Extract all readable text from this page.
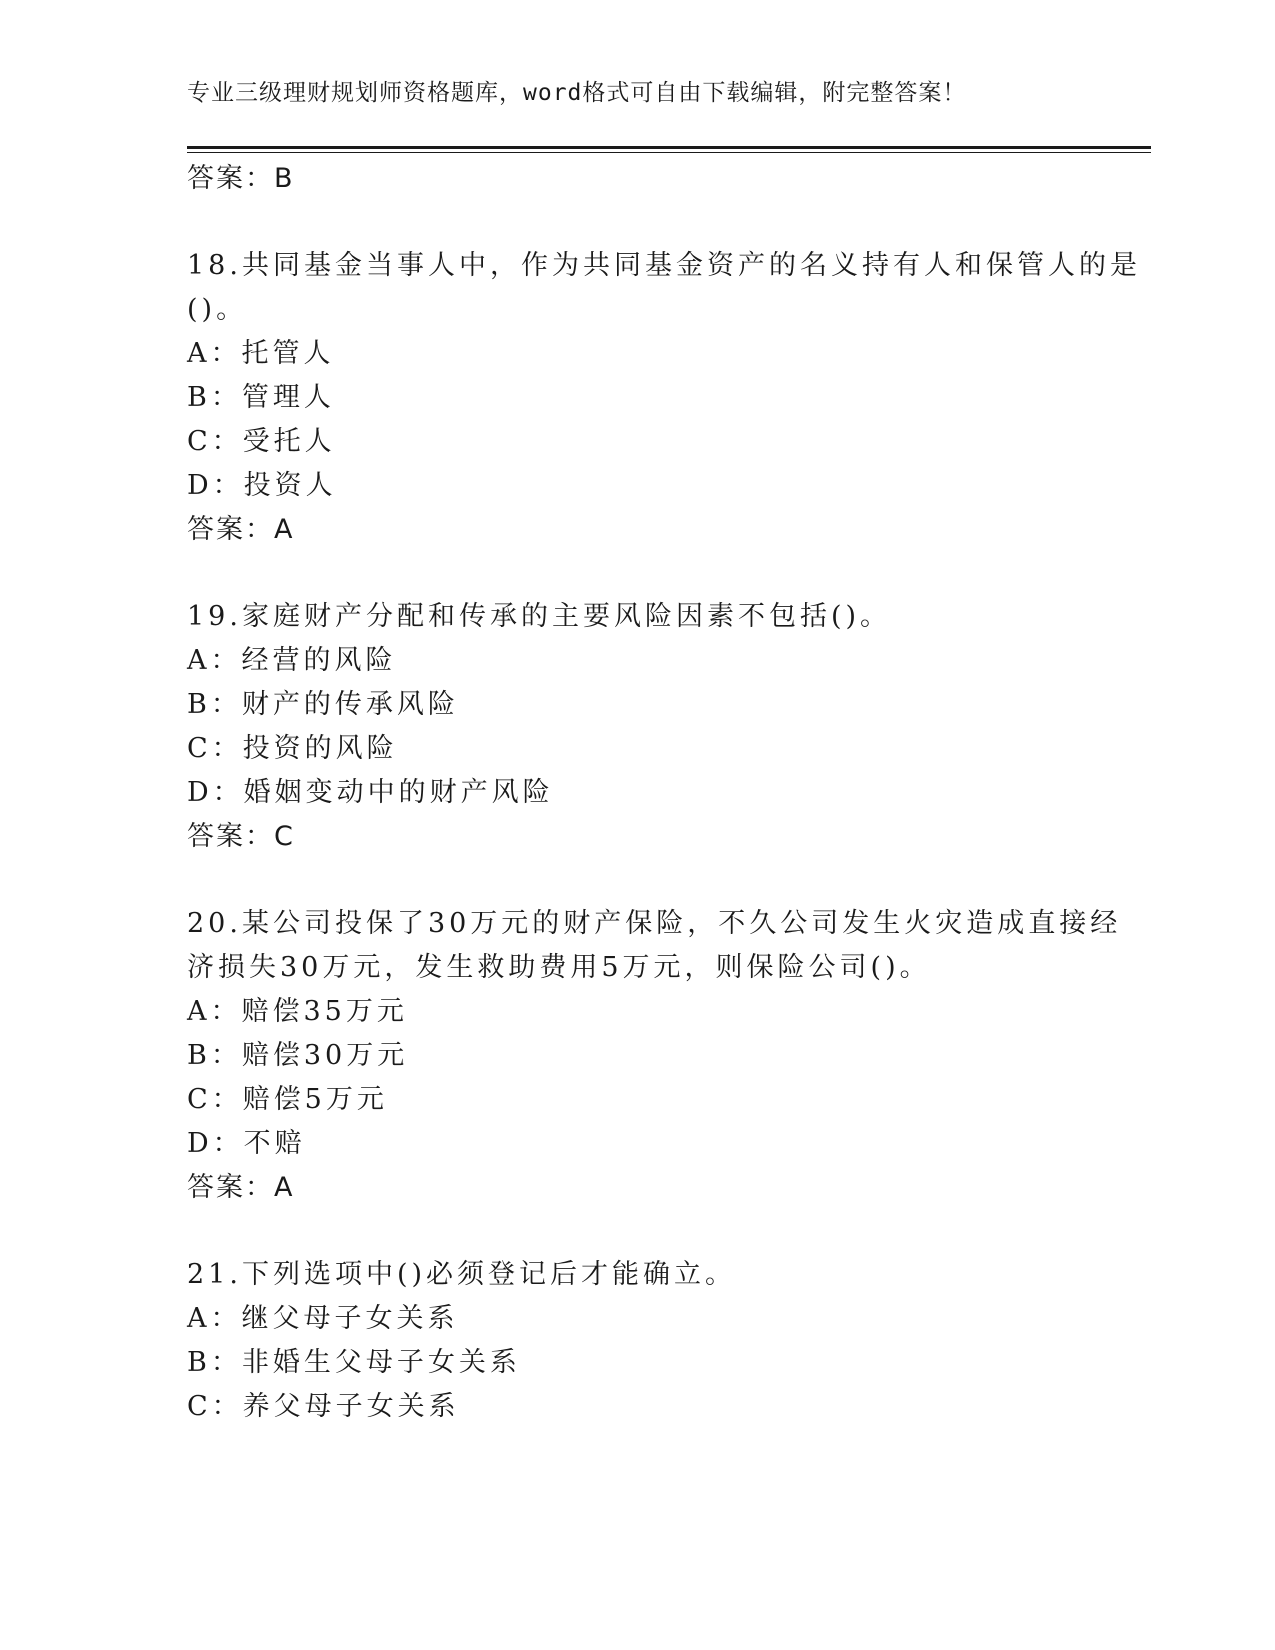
专业三级理财规划师资格题库，word格式可自由下载编辑，附完整答案！
答案：B
18.共同基金当事人中，作为共同基金资产的名义持有人和保管人的是
()。
A：托管人
B：管理人
C：受托人
D：投资人
答案：A
19.家庭财产分配和传承的主要风险因素不包括()。
A：经营的风险
B：财产的传承风险
C：投资的风险
D：婚姻变动中的财产风险
答案：C
20.某公司投保了30万元的财产保险，不久公司发生火灾造成直接经
济损失30万元，发生救助费用5万元，则保险公司()。
A：赔偿35万元
B：赔偿30万元
C：赔偿5万元
D：不赔
答案：A
21.下列选项中()必须登记后才能确立。
A：继父母子女关系
B：非婚生父母子女关系
C：养父母子女关系
